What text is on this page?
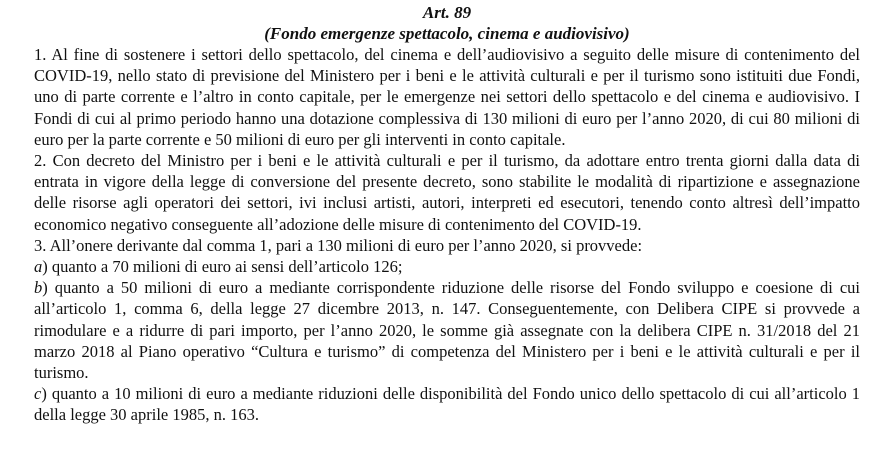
Art. 89
(Fondo emergenze spettacolo, cinema e audiovisivo)

1. Al fine di sostenere i settori dello spettacolo, del cinema e dell’audiovisivo a seguito delle misure di contenimento del COVID-19, nello stato di previsione del Ministero per i beni e le attività culturali e per il turismo sono istituiti due Fondi, uno di parte corrente e l’altro in conto capitale, per le emergenze nei settori dello spettacolo e del cinema e audiovisivo. I Fondi di cui al primo periodo hanno una dotazione complessiva di 130 milioni di euro per l’anno 2020, di cui 80 milioni di euro per la parte corrente e 50 milioni di euro per gli interventi in conto capitale.

2. Con decreto del Ministro per i beni e le attività culturali e per il turismo, da adottare entro trenta giorni dalla data di entrata in vigore della legge di conversione del presente decreto, sono stabilite le modalità di ripartizione e assegnazione delle risorse agli operatori dei settori, ivi inclusi artisti, autori, interpreti ed esecutori, tenendo conto altresì dell’impatto economico negativo conseguente all’adozione delle misure di contenimento del COVID-19.

3. All’onere derivante dal comma 1, pari a 130 milioni di euro per l’anno 2020, si provvede:

a) quanto a 70 milioni di euro ai sensi dell’articolo 126;

b) quanto a 50 milioni di euro a mediante corrispondente riduzione delle risorse del Fondo sviluppo e coesione di cui all’articolo 1, comma 6, della legge 27 dicembre 2013, n. 147. Conseguentemente, con Delibera CIPE si provvede a rimodulare e a ridurre di pari importo, per l’anno 2020, le somme già assegnate con la delibera CIPE n. 31/2018 del 21 marzo 2018 al Piano operativo “Cultura e turismo” di competenza del Ministero per i beni e le attività culturali e per il turismo.

c) quanto a 10 milioni di euro a mediante riduzioni delle disponibilità del Fondo unico dello spettacolo di cui all’articolo 1 della legge 30 aprile 1985, n. 163.
